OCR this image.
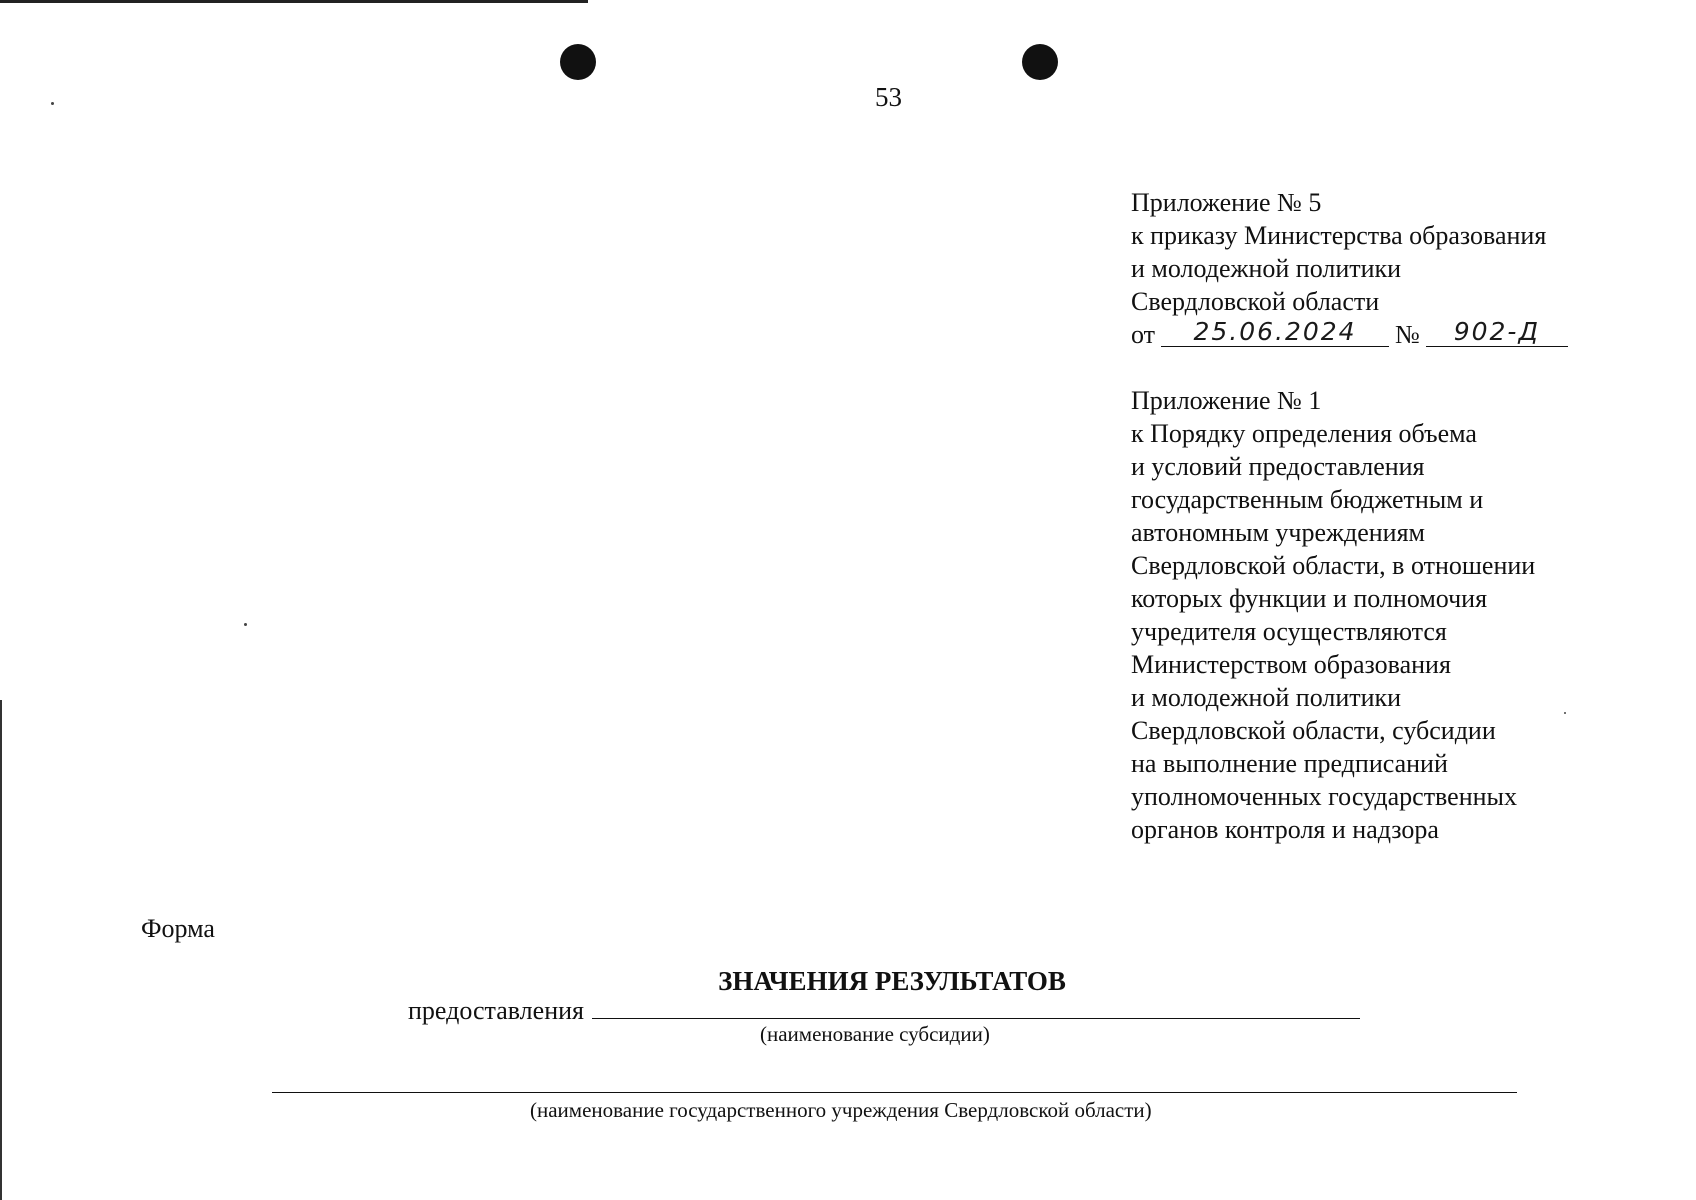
53
Приложение № 5
к приказу Министерства образования
и молодежной политики
Свердловской области
от	25.06.2024	№	902-Д
Приложение № 1
к Порядку определения объема
и условий предоставления
государственным бюджетным и
автономным учреждениям
Свердловской области, в отношении
которых функции и полномочия
учредителя осуществляются
Министерством образования
и молодежной политики
Свердловской области, субсидии
на выполнение предписаний
уполномоченных государственных
органов контроля и надзора
Форма
ЗНАЧЕНИЯ РЕЗУЛЬТАТОВ
предоставления
(наименование субсидии)
(наименование государственного учреждения Свердловской области)
